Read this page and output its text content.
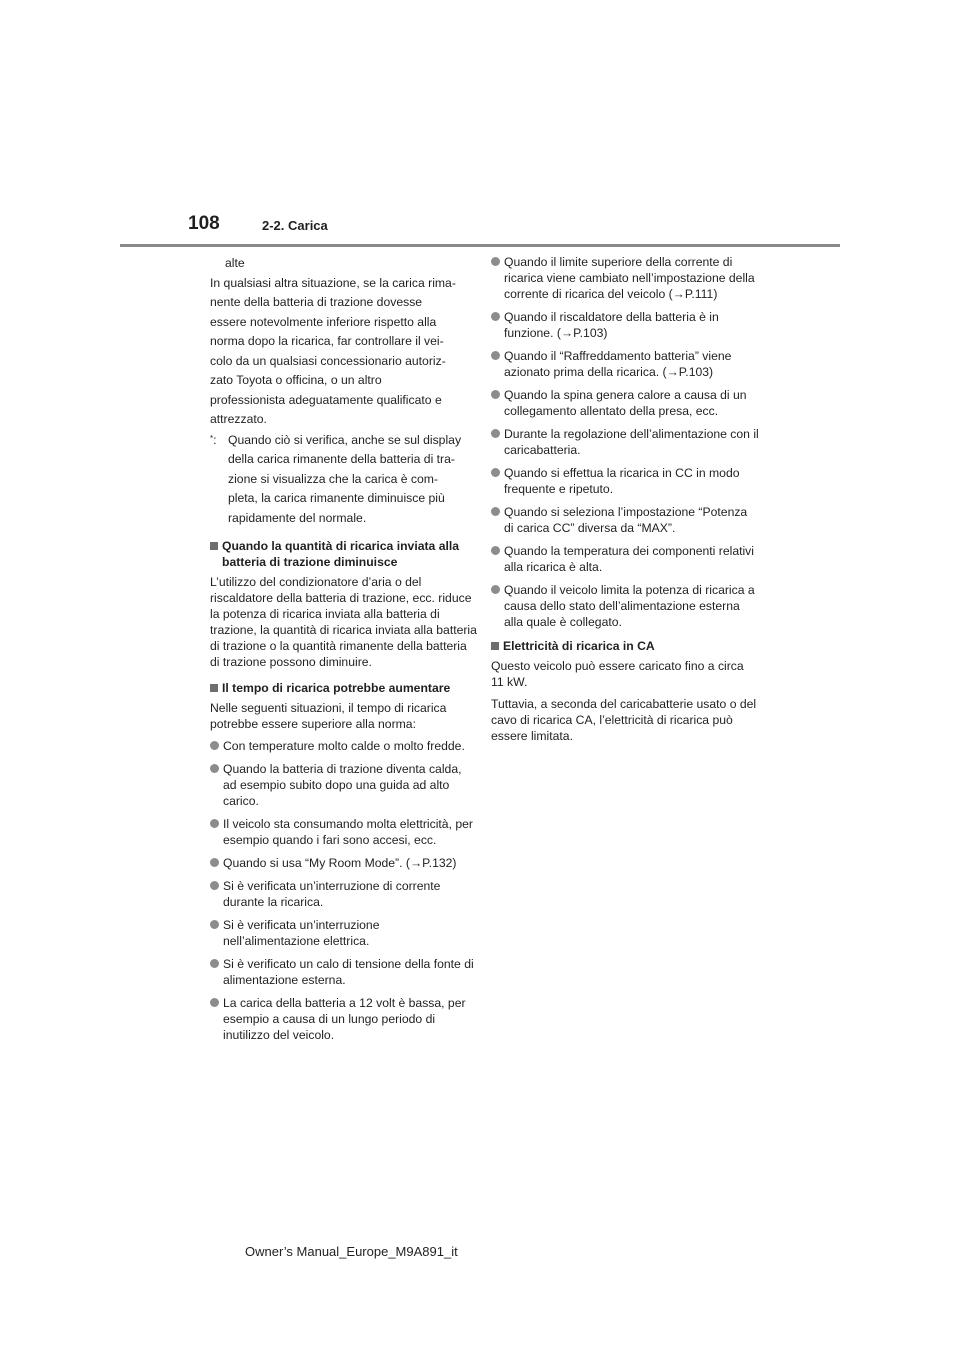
108	2-2. Carica
alte
In qualsiasi altra situazione, se la carica rima-
nente della batteria di trazione dovesse
essere notevolmente inferiore rispetto alla
norma dopo la ricarica, far controllare il vei-
colo da un qualsiasi concessionario autoriz-
zato Toyota o officina, o un altro
professionista adeguatamente qualificato e
attrezzato.
*: Quando ciò si verifica, anche se sul display
della carica rimanente della batteria di tra-
zione si visualizza che la carica è com-
pleta, la carica rimanente diminuisce più
rapidamente del normale.
Quando la quantità di ricarica inviata alla batteria di trazione diminuisce

L’utilizzo del condizionatore d’aria o del riscaldatore della batteria di trazione, ecc. riduce la potenza di ricarica inviata alla batteria di trazione, la quantità di ricarica inviata alla batteria di trazione o la quantità rimanente della batteria di trazione possono diminuire.

Il tempo di ricarica potrebbe aumentare

Nelle seguenti situazioni, il tempo di ricarica potrebbe essere superiore alla norma:

Con temperature molto calde o molto fredde.
Quando la batteria di trazione diventa calda, ad esempio subito dopo una guida ad alto carico.
Il veicolo sta consumando molta elettricità, per esempio quando i fari sono accesi, ecc.
Quando si usa “My Room Mode”. (→P.132)
Si è verificata un’interruzione di corrente durante la ricarica.
Si è verificata un’interruzione nell’alimentazione elettrica.
Si è verificato un calo di tensione della fonte di alimentazione esterna.
La carica della batteria a 12 volt è bassa, per esempio a causa di un lungo periodo di inutilizzo del veicolo.
Quando il limite superiore della corrente di ricarica viene cambiato nell’impostazione della corrente di ricarica del veicolo (→P.111)
Quando il riscaldatore della batteria è in funzione. (→P.103)
Quando il “Raffreddamento batteria” viene azionato prima della ricarica. (→P.103)
Quando la spina genera calore a causa di un collegamento allentato della presa, ecc.
Durante la regolazione dell’alimentazione con il caricabatteria.
Quando si effettua la ricarica in CC in modo frequente e ripetuto.
Quando si seleziona l’impostazione “Potenza di carica CC” diversa da “MAX”.
Quando la temperatura dei componenti relativi alla ricarica è alta.
Quando il veicolo limita la potenza di ricarica a causa dello stato dell’alimentazione esterna alla quale è collegato.
Elettricità di ricarica in CA

Questo veicolo può essere caricato fino a circa 11 kW.

Tuttavia, a seconda del caricabatterie usato o del cavo di ricarica CA, l’elettricità di ricarica può essere limitata.

Owner’s Manual_Europe_M9A891_it
